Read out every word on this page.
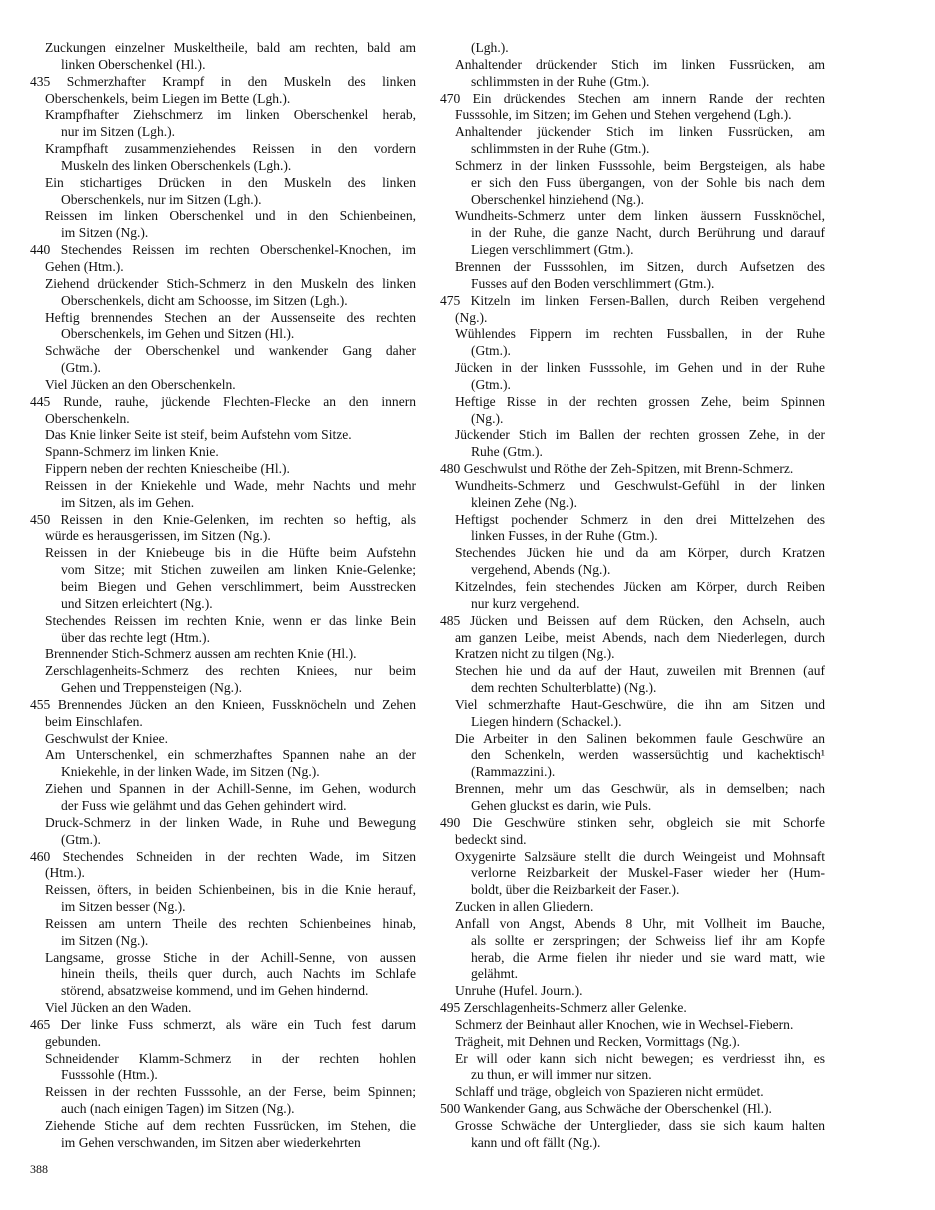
Zuckungen einzelner Muskeltheile, bald am rechten, bald am
linken Oberschenkel (Hl.).
435 Schmerzhafter Krampf in den Muskeln des linken
Oberschenkels, beim Liegen im Bette (Lgh.).
Krampfhafter Ziehschmerz im linken Oberschenkel herab,
nur im Sitzen (Lgh.).
Krampfhaft zusammenziehendes Reissen in den vordern
Muskeln des linken Oberschenkels (Lgh.).
Ein stichartiges Drücken in den Muskeln des linken
Oberschenkels, nur im Sitzen (Lgh.).
Reissen im linken Oberschenkel und in den Schienbeinen,
im Sitzen (Ng.).
440 Stechendes Reissen im rechten Oberschenkel-Knochen, im
Gehen (Htm.).
Ziehend drückender Stich-Schmerz in den Muskeln des linken
Oberschenkels, dicht am Schoosse, im Sitzen (Lgh.).
Heftig brennendes Stechen an der Aussenseite des rechten
Oberschenkels, im Gehen und Sitzen (Hl.).
Schwäche der Oberschenkel und wankender Gang daher
(Gtm.).
Viel Jücken an den Oberschenkeln.
445 Runde, rauhe, jückende Flechten-Flecke an den innern
Oberschenkeln.
Das Knie linker Seite ist steif, beim Aufstehn vom Sitze.
Spann-Schmerz im linken Knie.
Fippern neben der rechten Kniescheibe (Hl.).
Reissen in der Kniekehle und Wade, mehr Nachts und mehr
im Sitzen, als im Gehen.
450 Reissen in den Knie-Gelenken, im rechten so heftig, als
würde es herausgerissen, im Sitzen (Ng.).
Reissen in der Kniebeuge bis in die Hüfte beim Aufstehn
vom Sitze; mit Stichen zuweilen am linken Knie-Gelenke;
beim Biegen und Gehen verschlimmert, beim Ausstrecken
und Sitzen erleichtert (Ng.).
Stechendes Reissen im rechten Knie, wenn er das linke Bein
über das rechte legt (Htm.).
Brennender Stich-Schmerz aussen am rechten Knie (Hl.).
Zerschlagenheits-Schmerz des rechten Kniees, nur beim
Gehen und Treppensteigen (Ng.).
455 Brennendes Jücken an den Knieen, Fussknöcheln und Zehen
beim Einschlafen.
Geschwulst der Kniee.
Am Unterschenkel, ein schmerzhaftes Spannen nahe an der
Kniekehle, in der linken Wade, im Sitzen (Ng.).
Ziehen und Spannen in der Achill-Senne, im Gehen, wodurch
der Fuss wie gelähmt und das Gehen gehindert wird.
Druck-Schmerz in der linken Wade, in Ruhe und Bewegung
(Gtm.).
460 Stechendes Schneiden in der rechten Wade, im Sitzen
(Htm.).
Reissen, öfters, in beiden Schienbeinen, bis in die Knie herauf,
im Sitzen besser (Ng.).
Reissen am untern Theile des rechten Schienbeines hinab,
im Sitzen (Ng.).
Langsame, grosse Stiche in der Achill-Senne, von aussen
hinein theils, theils quer durch, auch Nachts im Schlafe
störend, absatzweise kommend, und im Gehen hindernd.
Viel Jücken an den Waden.
465 Der linke Fuss schmerzt, als wäre ein Tuch fest darum
gebunden.
Schneidender Klamm-Schmerz in der rechten hohlen
Fusssohle (Htm.).
Reissen in der rechten Fusssohle, an der Ferse, beim Spinnen;
auch (nach einigen Tagen) im Sitzen (Ng.).
Ziehende Stiche auf dem rechten Fussrücken, im Stehen, die
im Gehen verschwanden, im Sitzen aber wiederkehrten
(Lgh.).
Anhaltender drückender Stich im linken Fussrücken, am
schlimmsten in der Ruhe (Gtm.).
470 Ein drückendes Stechen am innern Rande der rechten
Fusssohle, im Sitzen; im Gehen und Stehen vergehend (Lgh.).
Anhaltender jückender Stich im linken Fussrücken, am
schlimmsten in der Ruhe (Gtm.).
Schmerz in der linken Fusssohle, beim Bergsteigen, als habe
er sich den Fuss übergangen, von der Sohle bis nach dem
Oberschenkel hinziehend (Ng.).
Wundheits-Schmerz unter dem linken äussern Fussknöchel,
in der Ruhe, die ganze Nacht, durch Berührung und darauf
Liegen verschlimmert (Gtm.).
Brennen der Fusssohlen, im Sitzen, durch Aufsetzen des
Fusses auf den Boden verschlimmert (Gtm.).
475 Kitzeln im linken Fersen-Ballen, durch Reiben vergehend
(Ng.).
Wühlendes Fippern im rechten Fussballen, in der Ruhe
(Gtm.).
Jücken in der linken Fusssohle, im Gehen und in der Ruhe
(Gtm.).
Heftige Risse in der rechten grossen Zehe, beim Spinnen
(Ng.).
Jückender Stich im Ballen der rechten grossen Zehe, in der
Ruhe (Gtm.).
480 Geschwulst und Röthe der Zeh-Spitzen, mit Brenn-Schmerz.
Wundheits-Schmerz und Geschwulst-Gefühl in der linken
kleinen Zehe (Ng.).
Heftigst pochender Schmerz in den drei Mittelzehen des
linken Fusses, in der Ruhe (Gtm.).
Stechendes Jücken hie und da am Körper, durch Kratzen
vergehend, Abends (Ng.).
Kitzelndes, fein stechendes Jücken am Körper, durch Reiben
nur kurz vergehend.
485 Jücken und Beissen auf dem Rücken, den Achseln, auch
am ganzen Leibe, meist Abends, nach dem Niederlegen, durch
Kratzen nicht zu tilgen (Ng.).
Stechen hie und da auf der Haut, zuweilen mit Brennen (auf
dem rechten Schulterblatte) (Ng.).
Viel schmerzhafte Haut-Geschwüre, die ihn am Sitzen und
Liegen hindern (Schackel.).
Die Arbeiter in den Salinen bekommen faule Geschwüre an
den Schenkeln, werden wassersüchtig und kachektisch¹
(Rammazzini.).
Brennen, mehr um das Geschwür, als in demselben; nach
Gehen gluckst es darin, wie Puls.
490 Die Geschwüre stinken sehr, obgleich sie mit Schorfe
bedeckt sind.
Oxygenirte Salzsäure stellt die durch Weingeist und Mohnsaft
verlorne Reizbarkeit der Muskel-Faser wieder her (Hum-
boldt, über die Reizbarkeit der Faser.).
Zucken in allen Gliedern.
Anfall von Angst, Abends 8 Uhr, mit Vollheit im Bauche,
als sollte er zerspringen; der Schweiss lief ihr am Kopfe
herab, die Arme fielen ihr nieder und sie ward matt, wie
gelähmt.
Unruhe (Hufel. Journ.).
495 Zerschlagenheits-Schmerz aller Gelenke.
Schmerz der Beinhaut aller Knochen, wie in Wechsel-Fiebern.
Trägheit, mit Dehnen und Recken, Vormittags (Ng.).
Er will oder kann sich nicht bewegen; es verdriesst ihn, es
zu thun, er will immer nur sitzen.
Schlaff und träge, obgleich von Spazieren nicht ermüdet.
500 Wankender Gang, aus Schwäche der Oberschenkel (Hl.).
Grosse Schwäche der Unterglieder, dass sie sich kaum halten
kann und oft fällt (Ng.).
388
